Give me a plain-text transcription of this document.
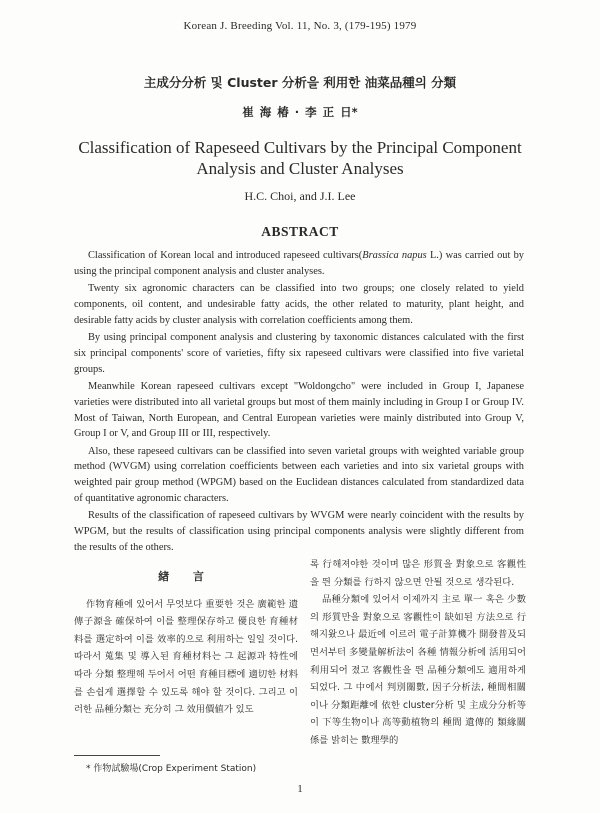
Korean J. Breeding Vol. 11, No. 3, (179-195) 1979
主成分分析 및 Cluster 分析을 利用한 油菜品種의 分類
崔 海 椿 · 李 正 日*
Classification of Rapeseed Cultivars by the Principal Component
Analysis and Cluster Analyses
H.C. Choi, and J.I. Lee
ABSTRACT

Classification of Korean local and introduced rapeseed cultivars(Brassica napus L.) was carried out by using the principal component analysis and cluster analyses.

Twenty six agronomic characters can be classified into two groups; one closely related to yield components, oil content, and undesirable fatty acids, the other related to maturity, plant height, and desirable fatty acids by cluster analysis with correlation coefficients among them.

By using principal component analysis and clustering by taxonomic distances calculated with the first six principal components' score of varieties, fifty six rapeseed cultivars were classified into five varietal groups.

Meanwhile Korean rapeseed cultivars except "Woldongcho" were included in Group I, Japanese varieties were distributed into all varietal groups but most of them mainly including in Group I or Group IV. Most of Taiwan, North European, and Central European varieties were mainly distributed into Group V, Group I or V, and Group III or III, respectively.

Also, these rapeseed cultivars can be classified into seven varietal groups with weighted variable group method (WVGM) using correlation coefficients between each varieties and into six varietal groups with weighted pair group method (WPGM) based on the Euclidean distances calculated from standardized data of quantitative agronomic characters.

Results of the classification of rapeseed cultivars by WVGM were nearly coincident with the results by WPGM, but the results of classification using principal components analysis were slightly different from the results of the others.

緖 言

作物育種에 있어서 무엇보다 重要한 것은 廣範한 遺傳子源을 確保하여 이를 整理保存하고 優良한 育種材料를 選定하여 이를 效率的으로 利用하는 일일 것이다. 따라서 蒐集 및 導入된 育種材料는 그 起源과 特性에 따라 分類 整理해 두어서 어떤 育種目標에 適切한 材料를 손쉽게 選擇할 수 있도록 해야 할 것이다. 그리고 이러한 品種分類는 充分히 그 效用價値가 있도

록 行해져야한 것이며 많은 形質을 對象으로 客觀性을 띈 分類를 行하지 않으면 안될 것으로 생각된다.

品種分類에 있어서 이제까지 主로 單一 혹은 少數의 形質만을 對象으로 客觀性이 缺如된 方法으로 行해지왔으나 最近에 이르러 電子計算機가 開發普及되면서부터 多變量解析法이 各種 情報分析에 活用되어 利用되어 졌고 客觀性을 띈 品種分類에도 適用하게 되었다. 그 中에서 判別關數, 因子分析法, 種間相關이나 分類距離에 依한 cluster分析 및 主成分分析等이 下等生物이나 高等動植物의 種間 遺傳的 類緣關係를 밝히는 數理學的

* 作物試驗場(Crop Experiment Station)
1
